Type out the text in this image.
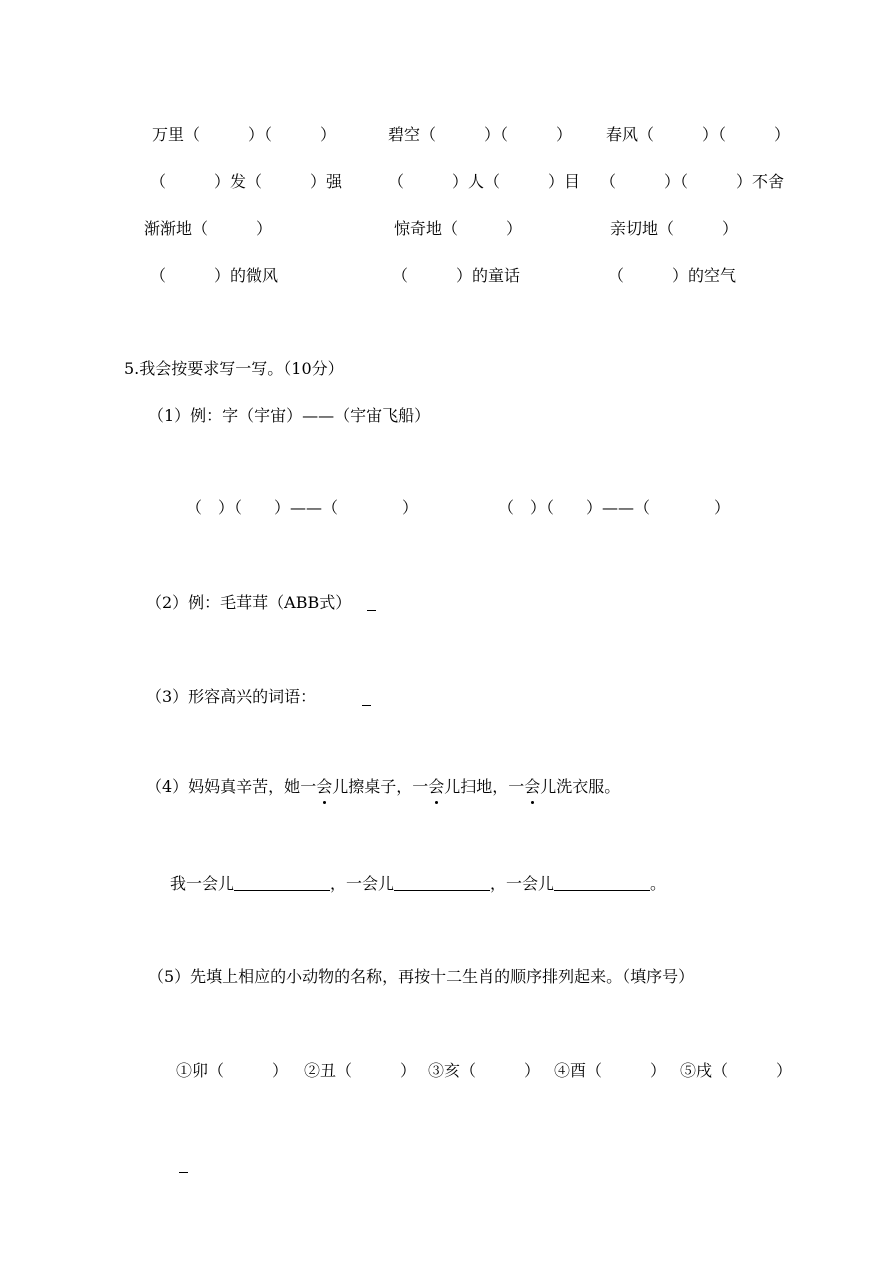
万里（　　　）（　　　）	碧空（　　　）（　　　） 春风（　　　）（　　　）
（　　　）发（　　　）强	（　　　）人（　　　）目 （　　　）（　　　）不舍
渐渐地（　　　）	惊奇地（　　　）	亲切地（　　　）
（　　　）的微风	（　　　）的童话	（　　　）的空气
5.我会按要求写一写。（10分）
（1）例：字（宇宙）——（宇宙飞船）
（　）（　　）——（　　　　）	（　）（　　）——（　　　　）
（2）例：毛茸茸（ABB式）
（3）形容高兴的词语：
（4）妈妈真辛苦，她一会儿擦桌子，一会儿扫地，一会儿洗衣服。
我一会儿	，一会儿	，一会儿	。
（5）先填上相应的小动物的名称，再按十二生肖的顺序排列起来。（填序号）
①卯（　　　） ②丑（　　　） ③亥（　　　） ④酉（　　　） ⑤戌（　　　）
